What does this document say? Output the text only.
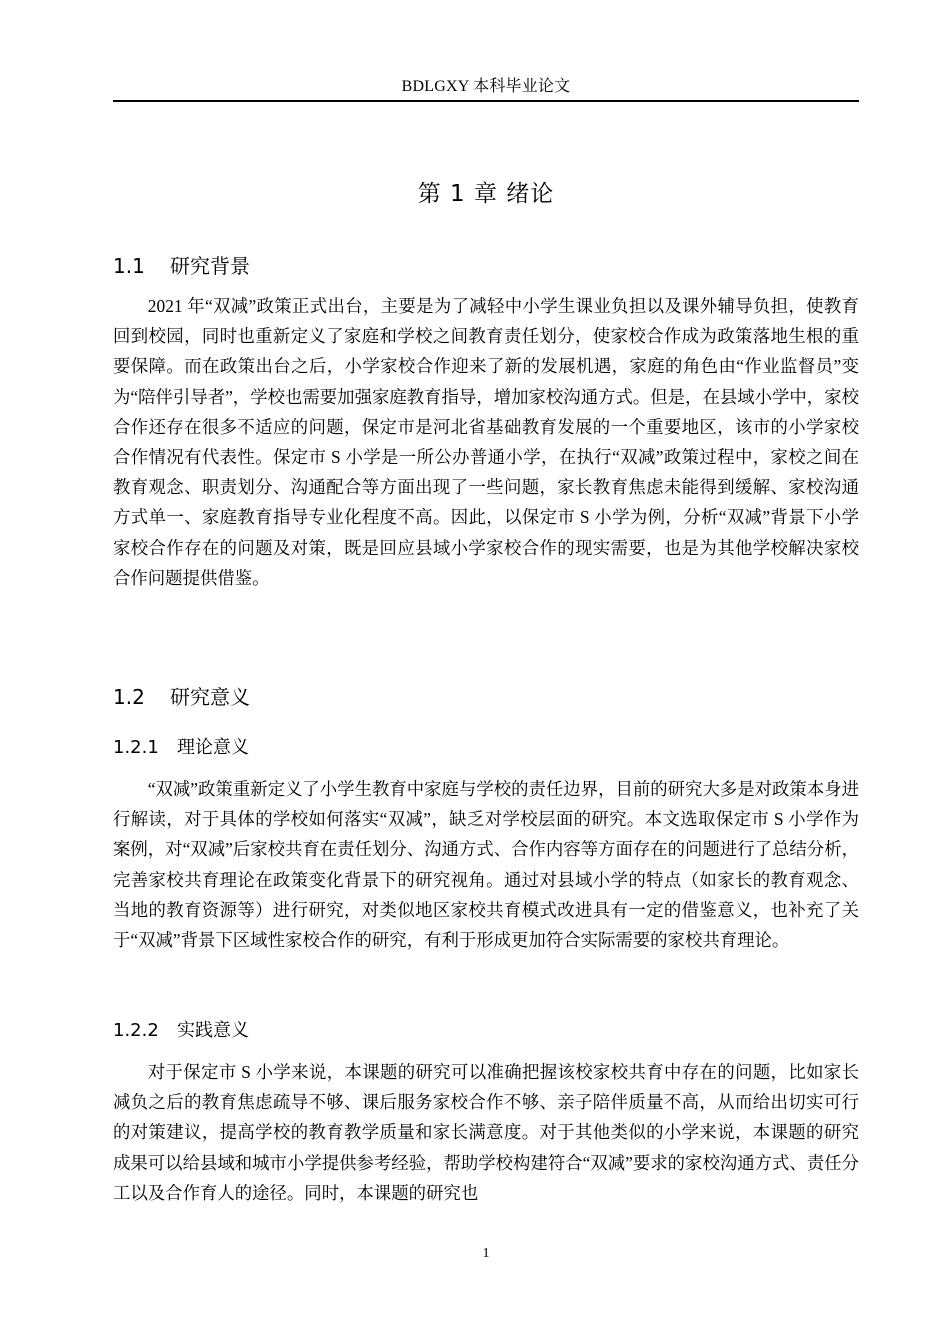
BDLGXY 本科毕业论文
第 1 章 绪论
1.1 研究背景
2021 年“双减”政策正式出台，主要是为了减轻中小学生课业负担以及课外辅导负担，使教育回到校园，同时也重新定义了家庭和学校之间教育责任划分，使家校合作成为政策落地生根的重要保障。而在政策出台之后，小学家校合作迎来了新的发展机遇，家庭的角色由“作业监督员”变为“陪伴引导者”，学校也需要加强家庭教育指导，增加家校沟通方式。但是，在县域小学中，家校合作还存在很多不适应的问题，保定市是河北省基础教育发展的一个重要地区，该市的小学家校合作情况有代表性。保定市 S 小学是一所公办普通小学，在执行“双减”政策过程中，家校之间在教育观念、职责划分、沟通配合等方面出现了一些问题，家长教育焦虑未能得到缓解、家校沟通方式单一、家庭教育指导专业化程度不高。因此，以保定市 S 小学为例，分析“双减”背景下小学家校合作存在的问题及对策，既是回应县域小学家校合作的现实需要，也是为其他学校解决家校合作问题提供借鉴。
1.2 研究意义
1.2.1 理论意义
“双减”政策重新定义了小学生教育中家庭与学校的责任边界，目前的研究大多是对政策本身进行解读，对于具体的学校如何落实“双减”，缺乏对学校层面的研究。本文选取保定市 S 小学作为案例，对“双减”后家校共育在责任划分、沟通方式、合作内容等方面存在的问题进行了总结分析，完善家校共育理论在政策变化背景下的研究视角。通过对县域小学的特点（如家长的教育观念、当地的教育资源等）进行研究，对类似地区家校共育模式改进具有一定的借鉴意义，也补充了关于“双减”背景下区域性家校合作的研究，有利于形成更加符合实际需要的家校共育理论。
1.2.2 实践意义
对于保定市 S 小学来说，本课题的研究可以准确把握该校家校共育中存在的问题，比如家长减负之后的教育焦虑疏导不够、课后服务家校合作不够、亲子陪伴质量不高，从而给出切实可行的对策建议，提高学校的教育教学质量和家长满意度。对于其他类似的小学来说，本课题的研究成果可以给县域和城市小学提供参考经验，帮助学校构建符合“双减”要求的家校沟通方式、责任分工以及合作育人的途径。同时，本课题的研究也
1
